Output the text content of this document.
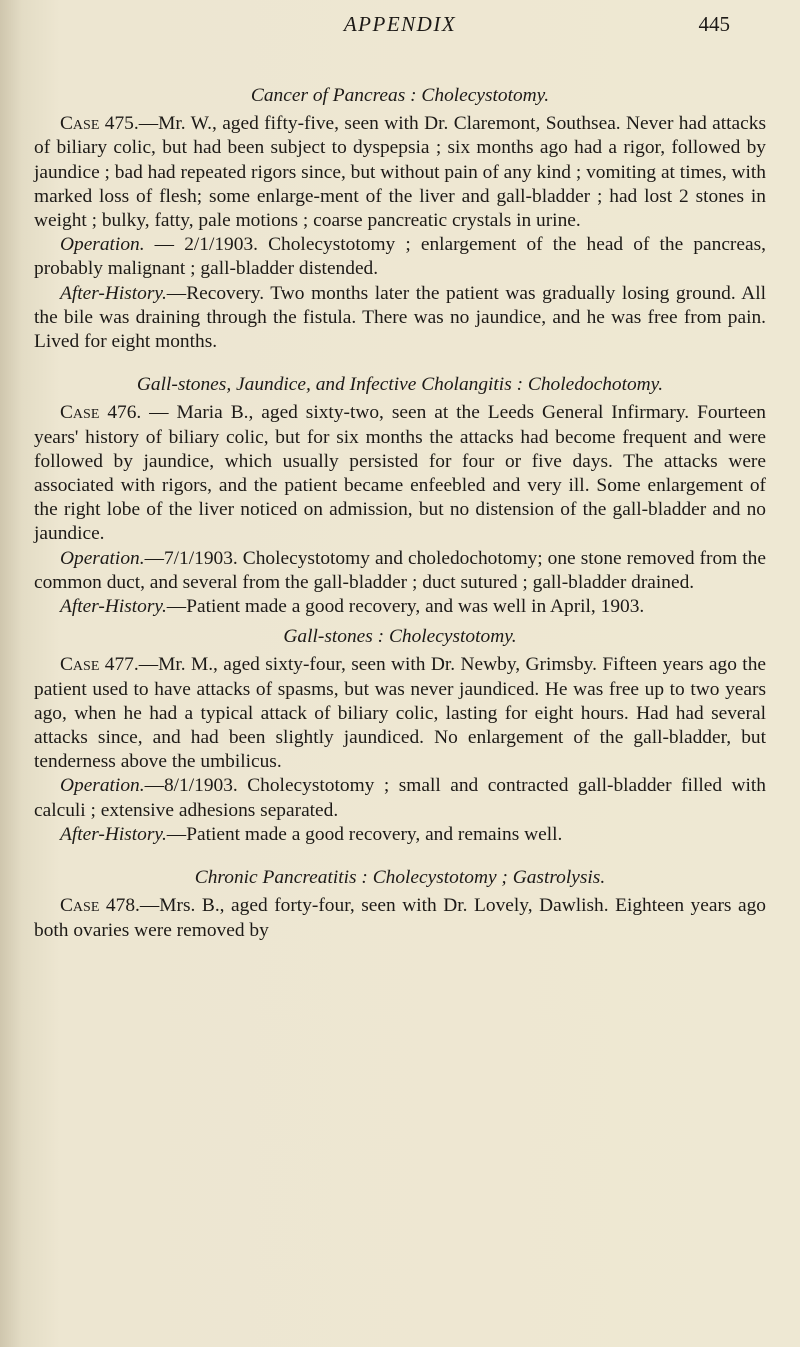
APPENDIX	445
Cancer of Pancreas : Cholecystotomy.

Case 475.—Mr. W., aged fifty-five, seen with Dr. Claremont, Southsea. Never had attacks of biliary colic, but had been subject to dyspepsia ; six months ago had a rigor, followed by jaundice ; bad had repeated rigors since, but without pain of any kind ; vomiting at times, with marked loss of flesh; some enlarge-ment of the liver and gall-bladder ; had lost 2 stones in weight ; bulky, fatty, pale motions ; coarse pancreatic crystals in urine.

Operation. — 2/1/1903. Cholecystotomy ; enlargement of the head of the pancreas, probably malignant ; gall-bladder distended.

After-History.—Recovery. Two months later the patient was gradually losing ground. All the bile was draining through the fistula. There was no jaundice, and he was free from pain. Lived for eight months.

Gall-stones, Jaundice, and Infective Cholangitis : Choledochotomy.

Case 476. — Maria B., aged sixty-two, seen at the Leeds General Infirmary. Fourteen years' history of biliary colic, but for six months the attacks had become frequent and were followed by jaundice, which usually persisted for four or five days. The attacks were associated with rigors, and the patient became enfeebled and very ill. Some enlargement of the right lobe of the liver noticed on admission, but no distension of the gall-bladder and no jaundice.

Operation.—7/1/1903. Cholecystotomy and choledochotomy; one stone removed from the common duct, and several from the gall-bladder ; duct sutured ; gall-bladder drained.

After-History.—Patient made a good recovery, and was well in April, 1903.

Gall-stones : Cholecystotomy.

Case 477.—Mr. M., aged sixty-four, seen with Dr. Newby, Grimsby. Fifteen years ago the patient used to have attacks of spasms, but was never jaundiced. He was free up to two years ago, when he had a typical attack of biliary colic, lasting for eight hours. Had had several attacks since, and had been slightly jaundiced. No enlargement of the gall-bladder, but tenderness above the umbilicus.

Operation.—8/1/1903. Cholecystotomy ; small and contracted gall-bladder filled with calculi ; extensive adhesions separated.

After-History.—Patient made a good recovery, and remains well.

Chronic Pancreatitis : Cholecystotomy ; Gastrolysis.

Case 478.—Mrs. B., aged forty-four, seen with Dr. Lovely, Dawlish. Eighteen years ago both ovaries were removed by
